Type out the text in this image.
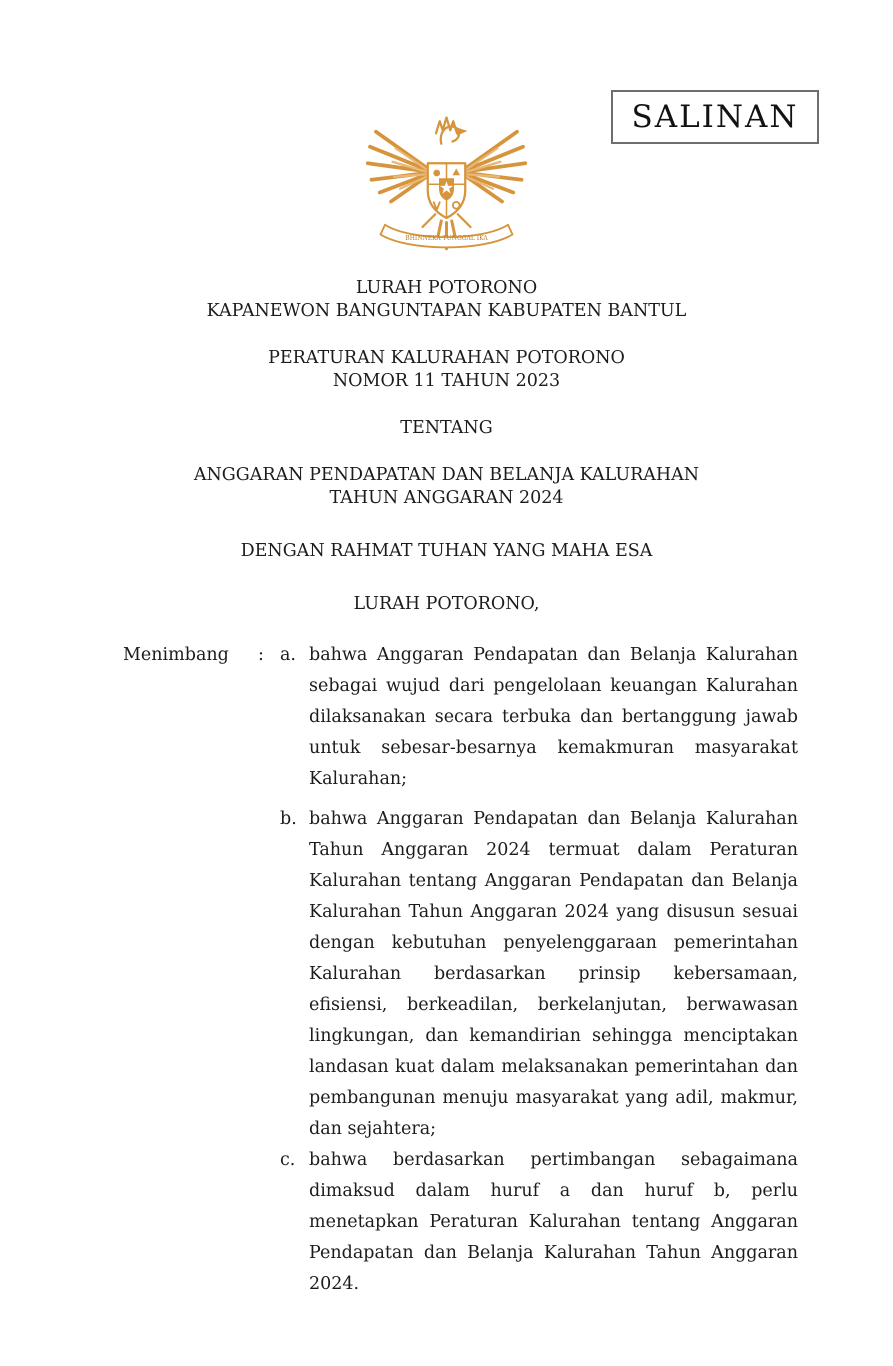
SALINAN
BHINNEKA TUNGGAL IKA
LURAH POTORONO
KAPANEWON BANGUNTAPAN KABUPATEN BANTUL
PERATURAN KALURAHAN POTORONO
NOMOR 11 TAHUN 2023
TENTANG
ANGGARAN PENDAPATAN DAN BELANJA KALURAHAN
TAHUN ANGGARAN 2024
DENGAN RAHMAT TUHAN YANG MAHA ESA
LURAH POTORONO,
Menimbang	: a. bahwa Anggaran Pendapatan dan Belanja Kalurahan sebagai wujud dari pengelolaan keuangan Kalurahan dilaksanakan secara terbuka dan bertanggung jawab untuk sebesar-besarnya kemakmuran masyarakat Kalurahan;
b. bahwa Anggaran Pendapatan dan Belanja Kalurahan Tahun Anggaran 2024 termuat dalam Peraturan Kalurahan tentang Anggaran Pendapatan dan Belanja Kalurahan Tahun Anggaran 2024 yang disusun sesuai dengan kebutuhan penyelenggaraan pemerintahan Kalurahan berdasarkan prinsip kebersamaan, efisiensi, berkeadilan, berkelanjutan, berwawasan lingkungan, dan kemandirian sehingga menciptakan landasan kuat dalam melaksanakan pemerintahan dan pembangunan menuju masyarakat yang adil, makmur, dan sejahtera;
c. bahwa berdasarkan pertimbangan sebagaimana dimaksud dalam huruf a dan huruf b, perlu menetapkan Peraturan Kalurahan tentang Anggaran Pendapatan dan Belanja Kalurahan Tahun Anggaran 2024.
